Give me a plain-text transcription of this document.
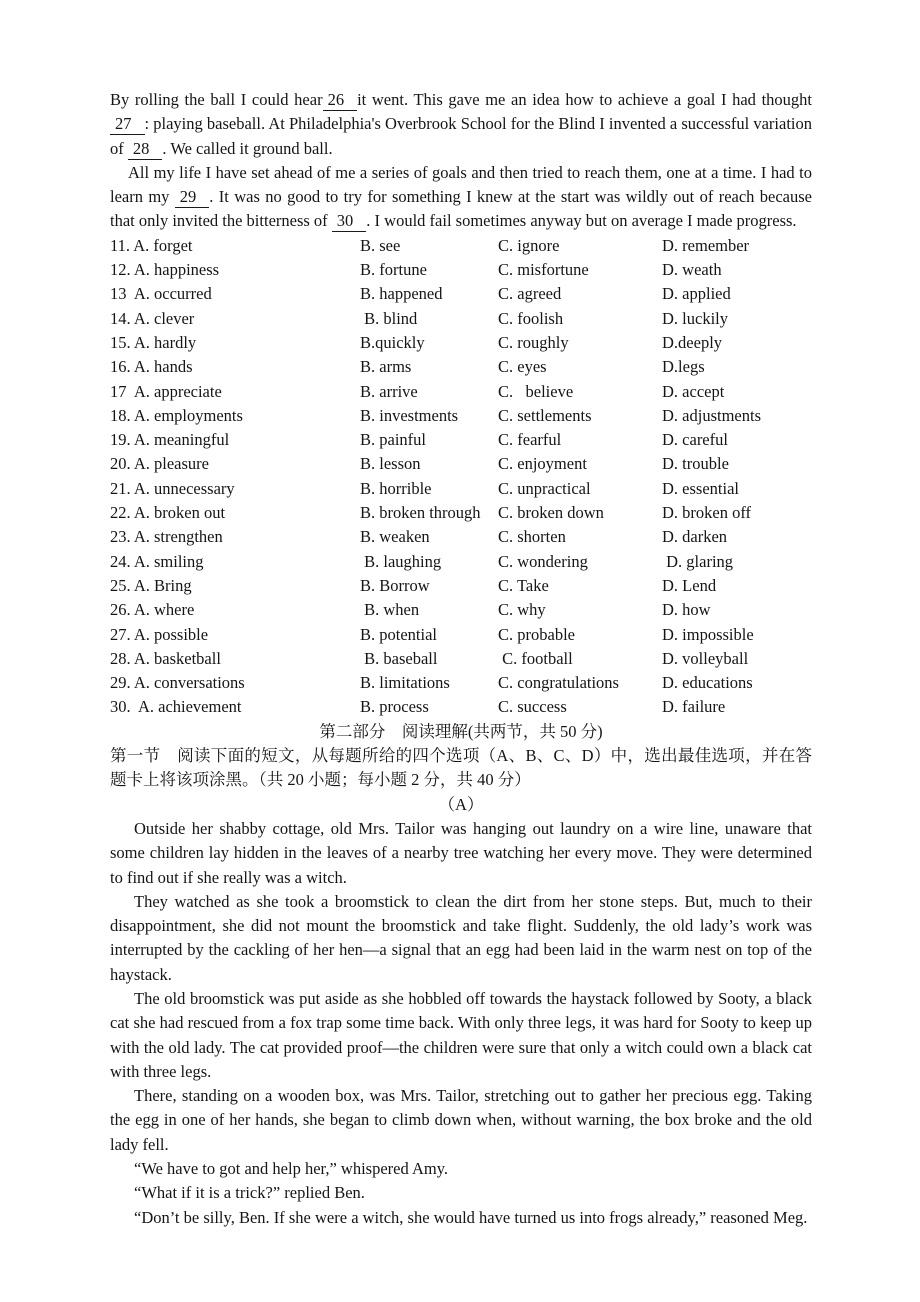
By rolling the ball I could hear 26 it went. This gave me an idea how to achieve a goal I had thought 27 : playing baseball. At Philadelphia's Overbrook School for the Blind I invented a successful variation of 28 . We called it ground ball.

All my life I have set ahead of me a series of goals and then tried to reach them, one at a time. I had to learn my 29 . It was no good to try for something I knew at the start was wildly out of reach because that only invited the bitterness of 30 . I would fail sometimes anyway but on average I made progress.

11. A. forget	B. see	C. ignore	D. remember
12. A. happiness	B. fortune	C. misfortune	D. weath
13  A. occurred	B. happened	C. agreed	D. applied
14. A. clever	B. blind	C. foolish	D. luckily
15. A. hardly	B.quickly	C. roughly	D.deeply
16. A. hands	B. arms	C. eyes	D.legs
17  A. appreciate	B. arrive	C.   believe	D. accept
18. A. employments	B. investments	C. settlements	D. adjustments
19. A. meaningful	B. painful	C. fearful	D. careful
20. A. pleasure	B. lesson	C. enjoyment	D. trouble
21. A. unnecessary	B. horrible	C. unpractical	D. essential
22. A. broken out	B. broken through	C. broken down	D. broken off
23. A. strengthen	B. weaken	C. shorten	D. darken
24. A. smiling	B. laughing	C. wondering	D. glaring
25. A. Bring	B. Borrow	C. Take	D. Lend
26. A. where	B. when	C. why	D. how
27. A. possible	B. potential	C. probable	D. impossible
28. A. basketball	B. baseball	C. football	D. volleyball
29. A. conversations	B. limitations	C. congratulations	D. educations
30.  A. achievement	B. process	C. success	D. failure
第二部分　阅读理解(共两节，共 50 分)

第一节　阅读下面的短文，从每题所给的四个选项（A、B、C、D）中，选出最佳选项，并在答题卡上将该项涂黑。（共 20 小题；每小题 2 分，共 40 分）

（A）

Outside her shabby cottage, old Mrs. Tailor was hanging out laundry on a wire line, unaware that some children lay hidden in the leaves of a nearby tree watching her every move. They were determined to find out if she really was a witch.

They watched as she took a broomstick to clean the dirt from her stone steps. But, much to their disappointment, she did not mount the broomstick and take flight. Suddenly, the old lady’s work was interrupted by the cackling of her hen—a signal that an egg had been laid in the warm nest on top of the haystack.

The old broomstick was put aside as she hobbled off towards the haystack followed by Sooty, a black cat she had rescued from a fox trap some time back. With only three legs, it was hard for Sooty to keep up with the old lady. The cat provided proof—the children were sure that only a witch could own a black cat with three legs.

There, standing on a wooden box, was Mrs. Tailor, stretching out to gather her precious egg. Taking the egg in one of her hands, she began to climb down when, without warning, the box broke and the old lady fell.

“We have to got and help her,” whispered Amy.

“What if it is a trick?” replied Ben.

“Don’t be silly, Ben. If she were a witch, she would have turned us into frogs already,” reasoned Meg.
